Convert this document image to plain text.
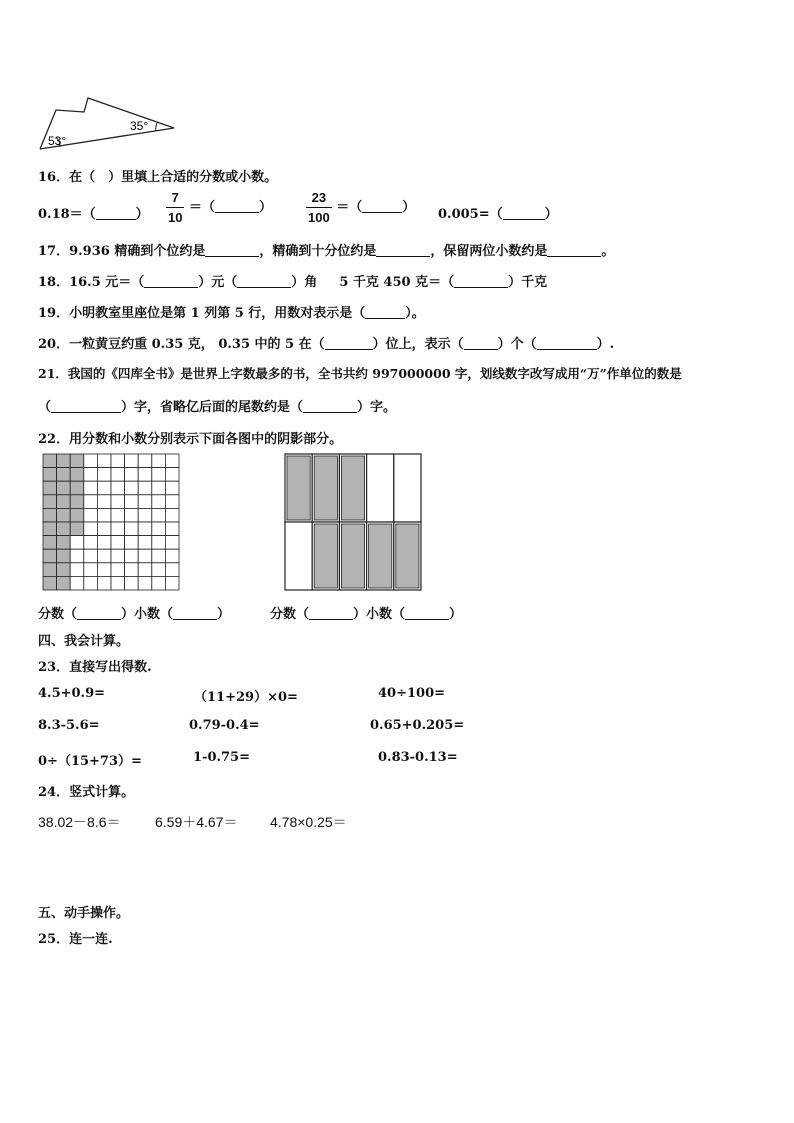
53°
35°
16．在（　）里填上合适的分数或小数。
0.18＝（	） $\frac{7}{10}$ ＝（	）	$\frac{23}{100}$ ＝（	） 0.005=（	）
17．9.936 精确到个位约是	，精确到十分位约是	，保留两位小数约是	。
18．16.5 元＝（	）元（	）角 5 千克 450 克＝（	）千克
19．小明教室里座位是第 1 列第 5 行，用数对表示是（	）。
20．一粒黄豆约重 0.35 克， 0.35 中的 5 在（	）位上，表示（	）个（	）.
21．我国的《四库全书》是世界上字数最多的书，全书共约 997000000 字，划线数字改写成用“万”作单位的数是
（	）字，省略亿后面的尾数约是（	）字。
22．用分数和小数分别表示下面各图中的阴影部分。
分数（	）小数（	）	分数（	）小数（	）
四、我会计算。
23．直接写出得数.
4.5+0.9=	（11+29）×0=	40÷100=
8.3-5.6=	0.79-0.4=	0.65+0.205=
0÷（15+73）=	1-0.75=	0.83-0.13=
24．竖式计算。
38.02－8.6＝ 6.59＋4.67＝ 4.78×0.25＝
五、动手操作。
25．连一连.
